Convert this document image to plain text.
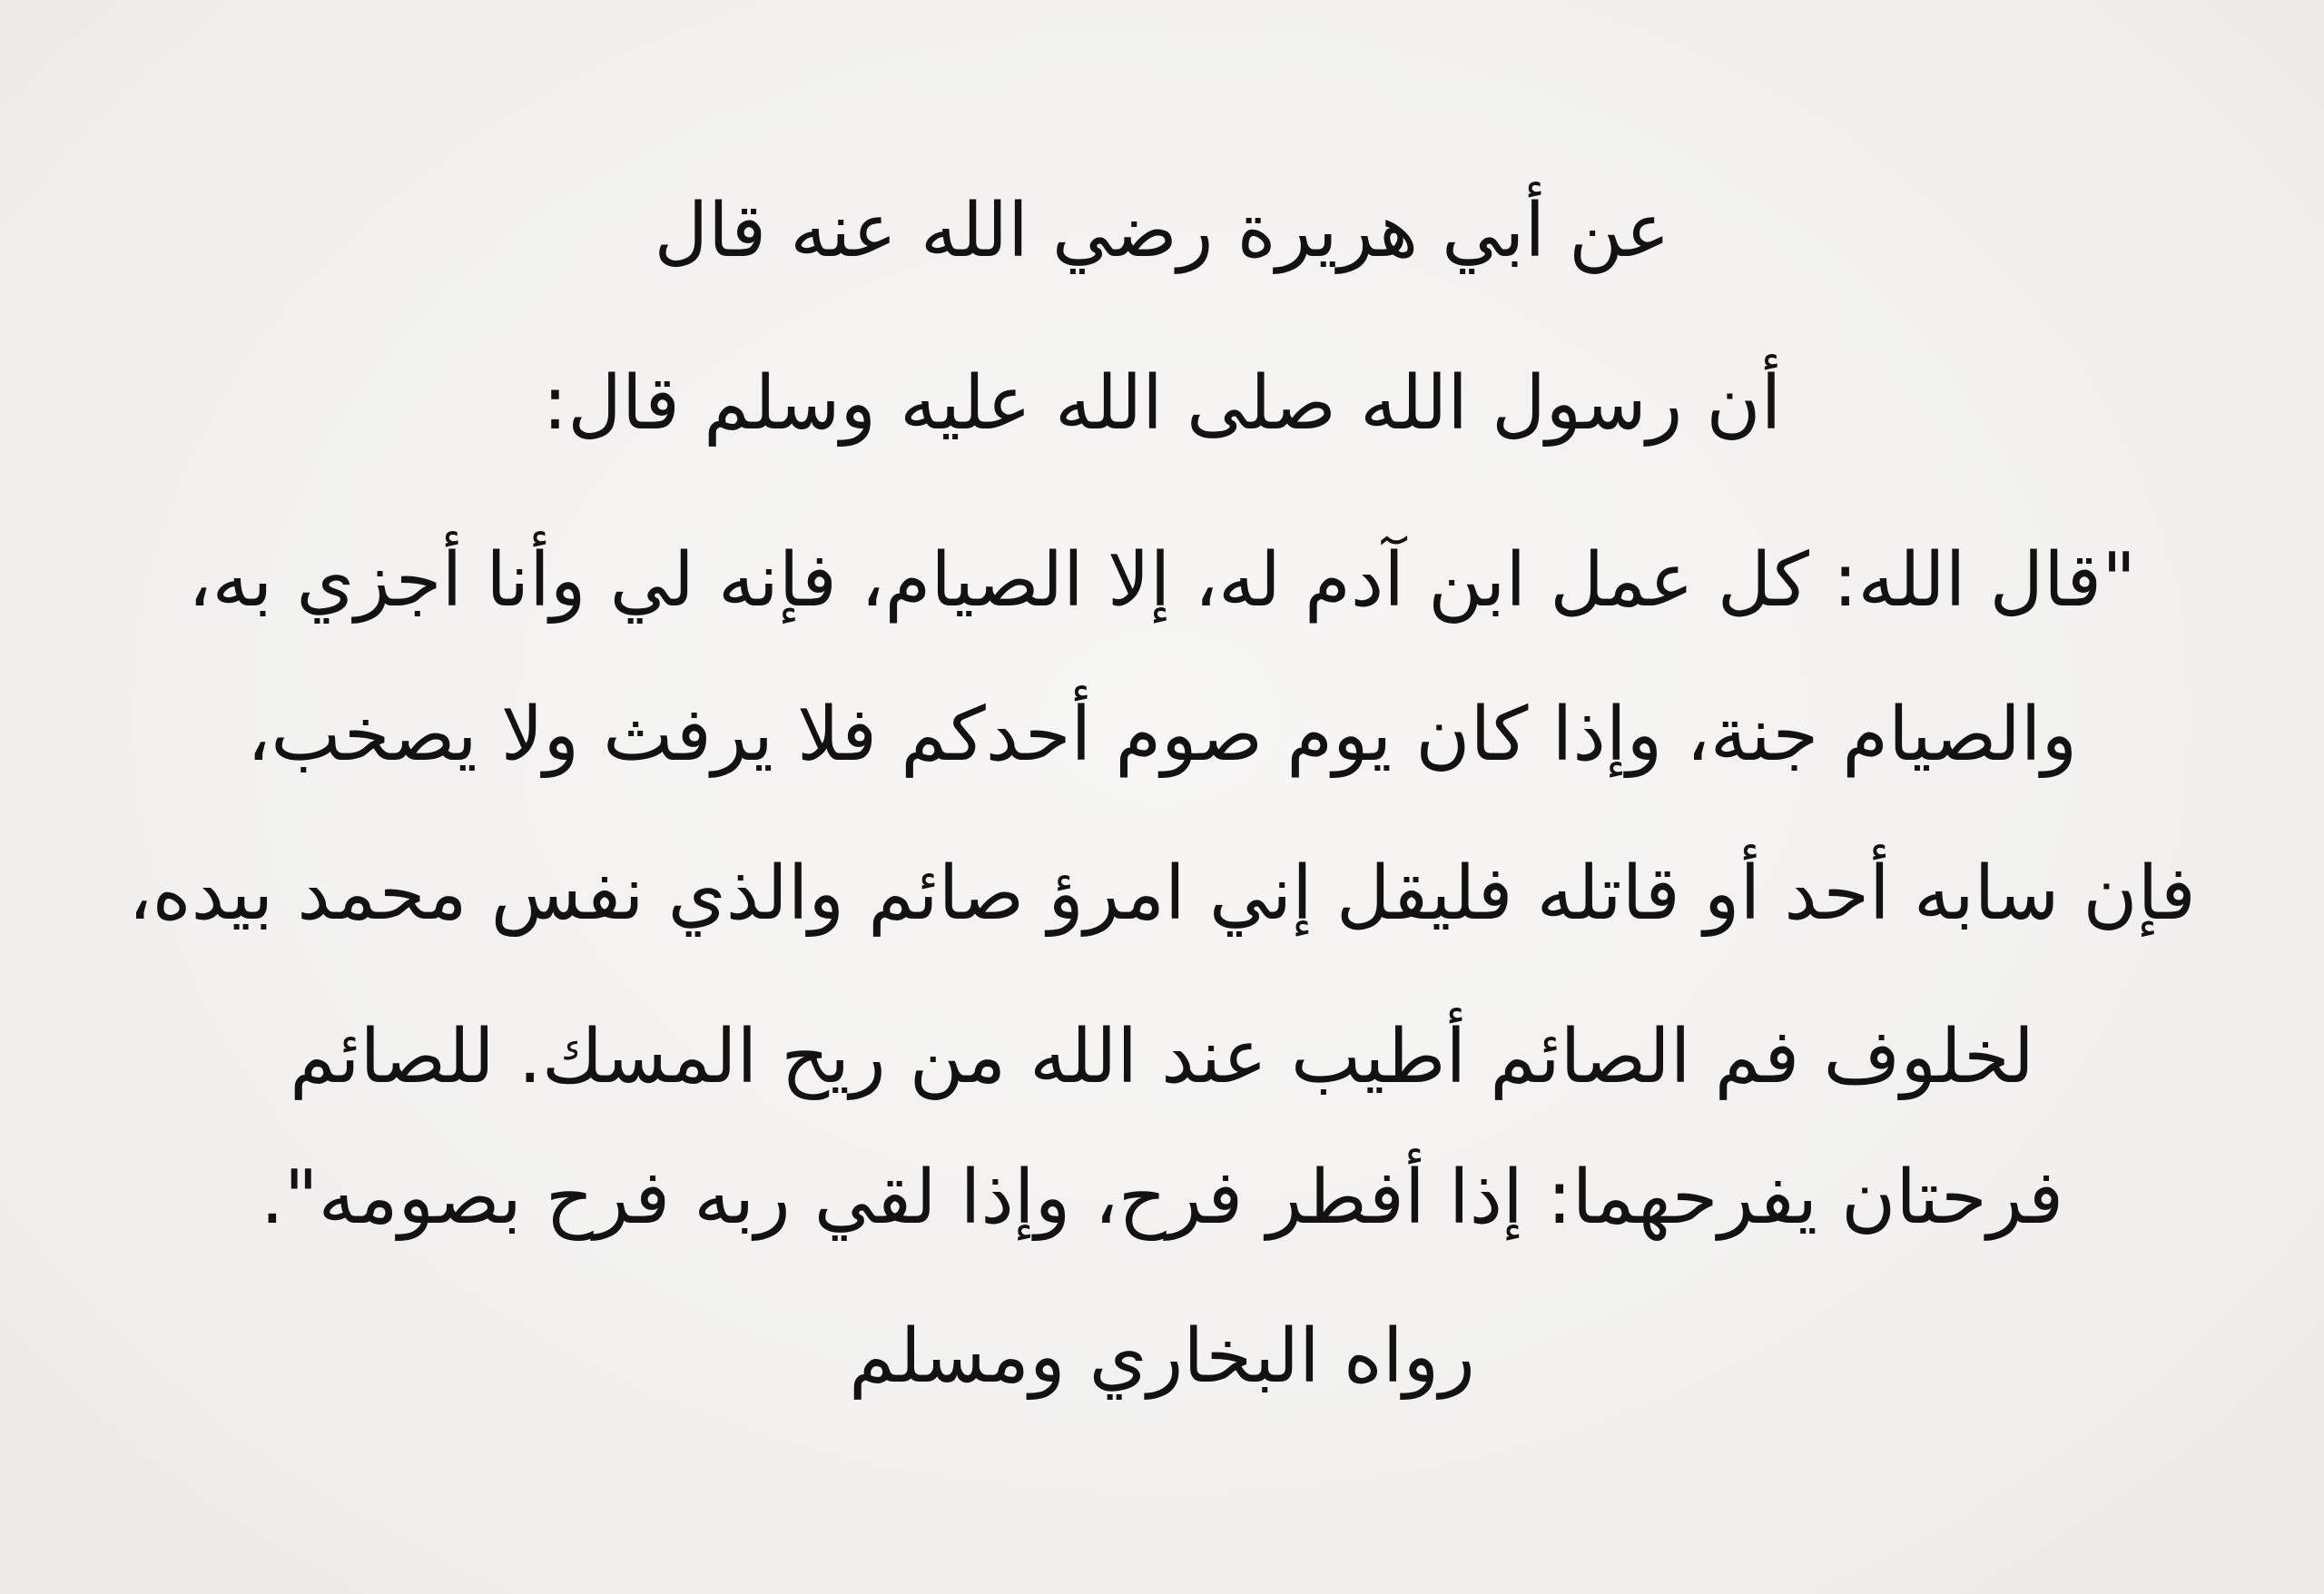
عن أبي هريرة رضي الله عنه قال
أن رسول الله صلى الله عليه وسلم قال:
"قال الله: كل عمل ابن آدم له، إلا الصيام، فإنه لي وأنا أجزي به،
والصيام جنة، وإذا كان يوم صوم أحدكم فلا يرفث ولا يصخب،
فإن سابه أحد أو قاتله فليقل إني امرؤ صائم والذي نفس محمد بيده،
لخلوف فم الصائم أطيب عند الله من ريح المسك. للصائم
فرحتان يفرحهما: إذا أفطر فرح، وإذا لقي ربه فرح بصومه".
رواه البخاري ومسلم
